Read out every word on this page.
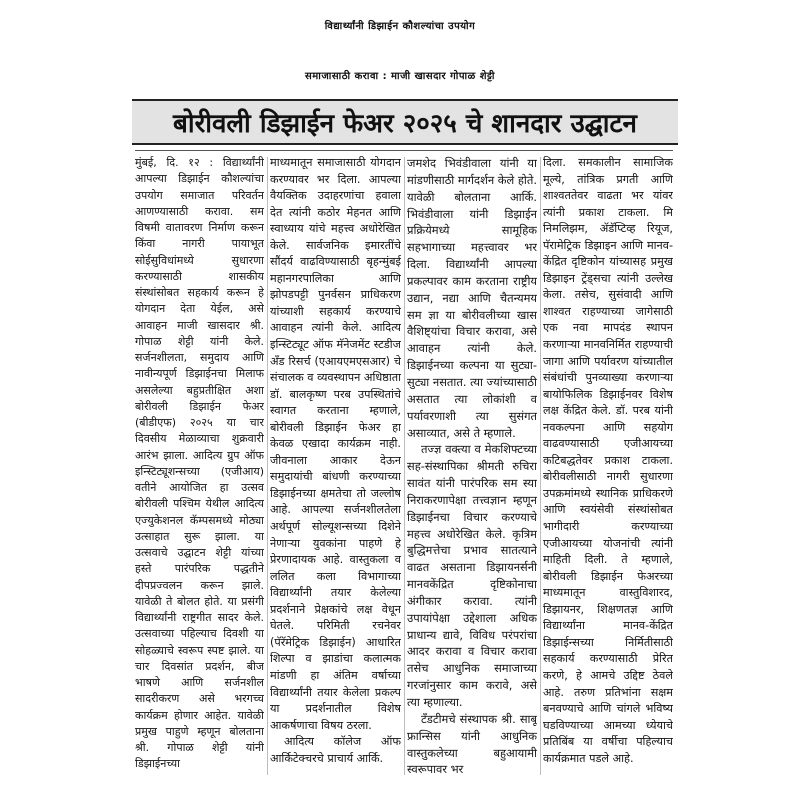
विद्यार्थ्यांनी डिझाईन कौशल्यांचा उपयोग
समाजासाठी करावा : माजी खासदार गोपाळ शेट्टी
बोरीवली डिझाईन फेअर २०२५ चे शानदार उद्घाटन

मुंबई, दि. १२ : विद्यार्थ्यांनी आपल्या डिझाईन कौशल्यांचा उपयोग समाजात परिवर्तन आणण्यासाठी करावा. सम विषमी वातावरण निर्माण करून किंवा नागरी पायाभूत सोईसुविधांमध्ये सुधारणा करण्यासाठी शासकीय संस्थांसोबत सहकार्य करून हे योगदान देता येईल, असे आवाहन माजी खासदार श्री. गोपाळ शेट्टी यांनी केले. सर्जनशीलता, समुदाय आणि नावीन्यपूर्ण डिझाईनचा मिलाफ असलेल्या बहुप्रतीक्षित अशा बोरीवली डिझाईन फेअर (बीडीएफ) २०२५ या चार दिवसीय मेळाव्याचा शुक्रवारी आरंभ झाला. आदित्य ग्रुप ऑफ इन्स्टिट्यूशन्सच्या (एजीआय) वतीने आयोजित हा उत्सव बोरीवली पश्चिम येथील आदित्य एज्युकेशनल कॅम्पसमध्ये मोठ्या उत्साहात सुरू झाला. या उत्सवाचे उद्घाटन शेट्टी यांच्या हस्ते पारंपरिक पद्धतीने दीपप्रज्वलन करून झाले. यावेळी ते बोलत होते. या प्रसंगी विद्यार्थ्यांनी राष्ट्रगीत सादर केले. उत्सवाच्या पहिल्याच दिवशी या सोहळ्याचे स्वरूप स्पष्ट झाले. या चार दिवसांत प्रदर्शन, बीज भाषणे आणि सर्जनशील सादरीकरण असे भरगच्च कार्यक्रम होणार आहेत. यावेळी प्रमुख पाहुणे म्हणून बोलताना श्री. गोपाळ शेट्टी यांनी डिझाईनच्या

माध्यमातून समाजासाठी योगदान करण्यावर भर दिला. आपल्या वैयक्तिक उदाहरणांचा हवाला देत त्यांनी कठोर मेहनत आणि स्वाध्याय यांचे महत्त्व अधोरेखित केले. सार्वजनिक इमारतींचे सौंदर्य वाढविण्यासाठी बृहन्मुंबई महानगरपालिका आणि झोपडपट्टी पुनर्वसन प्राधिकरण यांच्याशी सहकार्य करण्याचे आवाहन त्यांनी केले. आदित्य इन्स्टिट्यूट ऑफ मॅनेजमेंट स्टडीज अँड रिसर्च (एआयएमएसआर) चे संचालक व व्यवस्थापन अधिष्ठाता डॉ. बालकृष्ण परब उपस्थितांचे स्वागत करताना म्हणाले, बोरीवली डिझाईन फेअर हा केवळ एखादा कार्यक्रम नाही. जीवनाला आकार देऊन समुदायांची बांधणी करण्याच्या डिझाईनच्या क्षमतेचा तो जल्लोष आहे. आपल्या सर्जनशीलतेला अर्थपूर्ण सोल्यूशन्सच्या दिशेने नेणाऱ्या युवकांना पाहणे हे प्रेरणादायक आहे. वास्तुकला व ललित कला विभागाच्या विद्यार्थ्यांनी तयार केलेल्या प्रदर्शनाने प्रेक्षकांचे लक्ष वेधून घेतले. परिमिती रचनेवर (पॅरॅमेट्रिक डिझाईन) आधारित शिल्पा व झाडांचा कलात्मक मांडणी हा अंतिम वर्षाच्या विद्यार्थ्यांनी तयार केलेला प्रकल्प या प्रदर्शनातील विशेष आकर्षणाचा विषय ठरला.

आदित्य कॉलेज ऑफ आर्किटेक्चरचे प्राचार्य आर्कि.

जमशेद भिवंडीवाला यांनी या मांडणीसाठी मार्गदर्शन केले होते. यावेळी बोलताना आर्कि. भिवंडीवाला यांनी डिझाईन प्रक्रियेमध्ये सामूहिक सहभागाच्या महत्त्वावर भर दिला. विद्यार्थ्यांनी आपल्या प्रकल्पावर काम करताना राष्ट्रीय उद्यान, नद्या आणि चैतन्यमय सम ज्ञा या बोरीवलीच्या खास वैशिष्ट्यांचा विचार करावा, असे आवाहन त्यांनी केले. डिझाईनच्या कल्पना या सुट्या-सुट्या नसतात. त्या ज्यांच्यासाठी असतात त्या लोकांशी व पर्यावरणाशी त्या सुसंगत असाव्यात, असे ते म्हणाले.

तज्ज्ञ वक्त्या व मेकशिफ्टच्या सह-संस्थापिका श्रीमती रुचिरा सावंत यांनी पारंपरिक सम स्या निराकरणापेक्षा तत्त्वज्ञान म्हणून डिझाईनचा विचार करण्याचे महत्त्व अधोरेखित केले. कृत्रिम बुद्धिमत्तेचा प्रभाव सातत्याने वाढत असताना डिझायनर्सनी मानवकेंद्रित दृष्टिकोनाचा अंगीकार करावा. त्यांनी उपायांपेक्षा उद्देशाला अधिक प्राधान्य द्यावे, विविध परंपरांचा आदर करावा व विचार करावा तसेच आधुनिक समाजाच्या गरजांनुसार काम करावे, असे त्या म्हणाल्या.

टॅंडटीमचे संस्थापक श्री. साबू फ्रान्सिस यांनी आधुनिक वास्तुकलेच्या बहुआयामी स्वरूपावर भर

दिला. समकालीन सामाजिक मूल्ये, तांत्रिक प्रगती आणि शाश्वततेवर वाढता भर यांवर त्यांनी प्रकाश टाकला. मि निमलिझम, ॲडॅप्टिव्ह रियूज, पॅरामेट्रिक डिझाइन आणि मानव-केंद्रित दृष्टिकोन यांच्यासह प्रमुख डिझाइन ट्रेंड्सचा त्यांनी उल्लेख केला. तसेच, सुसंवादी आणि शाश्वत राहण्याच्या जागेसाठी एक नवा मापदंड स्थापन करणाऱ्या मानवनिर्मित राहण्याची जागा आणि पर्यावरण यांच्यातील संबंधांची पुनव्याख्या करणाऱ्या बायोफिलिक डिझाईनवर विशेष लक्ष केंद्रित केले. डॉ. परब यांनी नवकल्पना आणि सहयोग वाढवण्यासाठी एजीआयच्या कटिबद्धतेवर प्रकाश टाकला. बोरीवलीसाठी नागरी सुधारणा उपक्रमांमध्ये स्थानिक प्राधिकरणे आणि स्वयंसेवी संस्थांसोबत भागीदारी करण्याच्या एजीआयच्या योजनांची त्यांनी माहिती दिली. ते म्हणाले, बोरीवली डिझाईन फेअरच्या माध्यमातून वास्तुविशारद, डिझायनर, शिक्षणतज्ञ आणि विद्यार्थ्यांना मानव-केंद्रित डिझाईन्सच्या निर्मितीसाठी सहकार्य करण्यासाठी प्रेरित करणे, हे आमचे उद्दिष्ट ठेवले आहे. तरुण प्रतिभांना सक्षम बनवण्याचे आणि चांगले भविष्य घडविण्याच्या आमच्या ध्येयाचे प्रतिबिंब या वर्षीचा पहिल्याच कार्यक्रमात पडले आहे.
